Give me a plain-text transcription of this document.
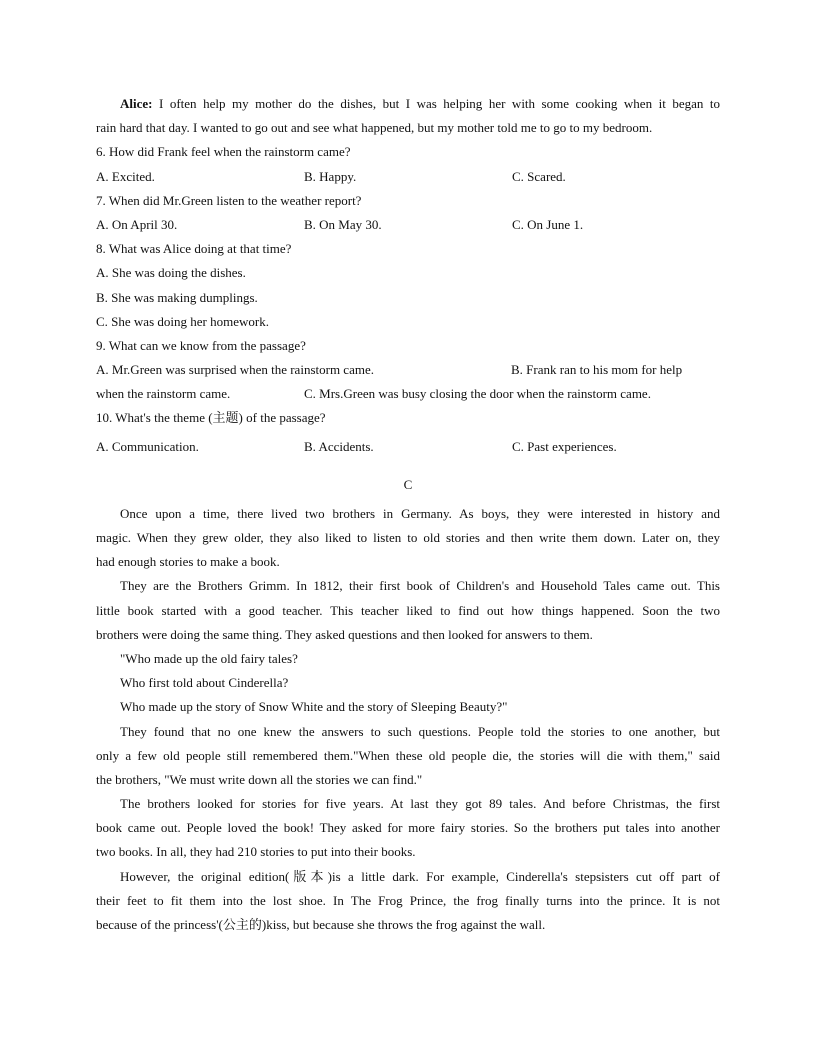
Alice: I often help my mother do the dishes, but I was helping her with some cooking when it began to
rain hard that day. I wanted to go out and see what happened, but my mother told me to go to my bedroom.
6. How did Frank feel when the rainstorm came?
A. Excited.	B. Happy.	C. Scared.
7. When did Mr.Green listen to the weather report?
A. On April 30.	B. On May 30.	C. On June 1.
8. What was Alice doing at that time?
A. She was doing the dishes.
B. She was making dumplings.
C. She was doing her homework.
9. What can we know from the passage?
A. Mr.Green was surprised when the rainstorm came.	B. Frank ran to his mom for help
when the rainstorm came.	C. Mrs.Green was busy closing the door when the rainstorm came.
10. What's the theme (主题) of the passage?
A. Communication.	B. Accidents.	C. Past experiences.
C
Once upon a time, there lived two brothers in Germany. As boys, they were interested in history and
magic. When they grew older, they also liked to listen to old stories and then write them down. Later on, they
had enough stories to make a book.
They are the Brothers Grimm. In 1812, their first book of Children's and Household Tales came out. This
little book started with a good teacher. This teacher liked to find out how things happened. Soon the two
brothers were doing the same thing. They asked questions and then looked for answers to them.
"Who made up the old fairy tales?
Who first told about Cinderella?
Who made up the story of Snow White and the story of Sleeping Beauty?"
They found that no one knew the answers to such questions. People told the stories to one another, but
only a few old people still remembered them."When these old people die, the stories will die with them," said
the brothers, "We must write down all the stories we can find."
The brothers looked for stories for five years. At last they got 89 tales. And before Christmas, the first
book came out. People loved the book! They asked for more fairy stories. So the brothers put tales into another
two books. In all, they had 210 stories to put into their books.
However, the original edition(版本)is a little dark. For example, Cinderella's stepsisters cut off part of
their feet to fit them into the lost shoe. In The Frog Prince, the frog finally turns into the prince. It is not
because of the princess'(公主的)kiss, but because she throws the frog against the wall.
